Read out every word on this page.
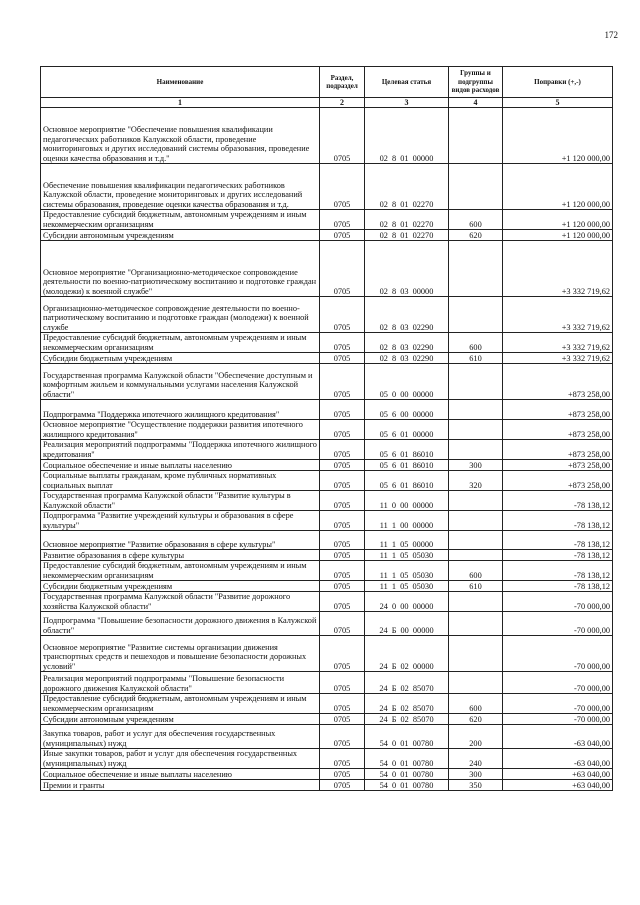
172
Наименование	Раздел, подраздел	Целевая статья	Группы и подгруппы видов расходов	Поправки (+,-)
1	2	3	4	5
Основное мероприятие "Обеспечение повышения квалификации педагогических работников Калужской области, проведение мониторинговых и других исследований системы образования, проведение оценки качества образования и т.д."	0705	02 8 01 00000		+1 120 000,00
Обеспечение повышения квалификации педагогических работников Калужской области, проведение мониторинговых и других исследований системы образования, проведение оценки качества образования и т.д.	0705	02 8 01 02270		+1 120 000,00
Предоставление субсидий бюджетным, автономным учреждениям и иным некоммерческим организациям	0705	02 8 01 02270	600	+1 120 000,00
Субсидии автономным учреждениям	0705	02 8 01 02270	620	+1 120 000,00
Основное мероприятие "Организационно-методическое сопровождение деятельности по военно-патриотическому воспитанию и подготовке граждан (молодежи) к военной службе"	0705	02 8 03 00000		+3 332 719,62
Организационно-методическое сопровождение деятельности по военно-патриотическому воспитанию и подготовке граждан (молодежи) к военной службе	0705	02 8 03 02290		+3 332 719,62
Предоставление субсидий бюджетным, автономным учреждениям и иным некоммерческим организациям	0705	02 8 03 02290	600	+3 332 719,62
Субсидии бюджетным учреждениям	0705	02 8 03 02290	610	+3 332 719,62
Государственная программа Калужской области "Обеспечение доступным и комфортным жильем и коммунальными услугами населения Калужской области"	0705	05 0 00 00000		+873 258,00
Подпрограмма "Поддержка ипотечного жилищного кредитования"	0705	05 6 00 00000		+873 258,00
Основное мероприятие "Осуществление поддержки развития ипотечного жилищного кредитования"	0705	05 6 01 00000		+873 258,00
Реализация мероприятий подпрограммы "Поддержка ипотечного жилищного кредитования"	0705	05 6 01 86010		+873 258,00
Социальное обеспечение и иные выплаты населению	0705	05 6 01 86010	300	+873 258,00
Социальные выплаты гражданам, кроме публичных нормативных социальных выплат	0705	05 6 01 86010	320	+873 258,00
Государственная программа Калужской области "Развитие культуры в Калужской области"	0705	11 0 00 00000		-78 138,12
Подпрограмма "Развитие учреждений культуры и образования в сфере культуры"	0705	11 1 00 00000		-78 138,12
Основное мероприятие "Развитие образования в сфере культуры"	0705	11 1 05 00000		-78 138,12
Развитие образования в сфере культуры	0705	11 1 05 05030		-78 138,12
Предоставление субсидий бюджетным, автономным учреждениям и иным некоммерческим организациям	0705	11 1 05 05030	600	-78 138,12
Субсидии бюджетным учреждениям	0705	11 1 05 05030	610	-78 138,12
Государственная программа Калужской области "Развитие дорожного хозяйства Калужской области"	0705	24 0 00 00000		-70 000,00
Подпрограмма "Повышение безопасности дорожного движения в Калужской области"	0705	24 Б 00 00000		-70 000,00
Основное мероприятие "Развитие системы организации движения транспортных средств и пешеходов и повышение безопасности дорожных условий"	0705	24 Б 02 00000		-70 000,00
Реализация мероприятий подпрограммы "Повышение безопасности дорожного движения Калужской области"	0705	24 Б 02 85070		-70 000,00
Предоставление субсидий бюджетным, автономным учреждениям и иным некоммерческим организациям	0705	24 Б 02 85070	600	-70 000,00
Субсидии автономным учреждениям	0705	24 Б 02 85070	620	-70 000,00
Закупка товаров, работ и услуг для обеспечения государственных (муниципальных) нужд	0705	54 0 01 00780	200	-63 040,00
Иные закупки товаров, работ и услуг для обеспечения государственных (муниципальных) нужд	0705	54 0 01 00780	240	-63 040,00
Социальное обеспечение и иные выплаты населению	0705	54 0 01 00780	300	+63 040,00
Премии и гранты	0705	54 0 01 00780	350	+63 040,00
